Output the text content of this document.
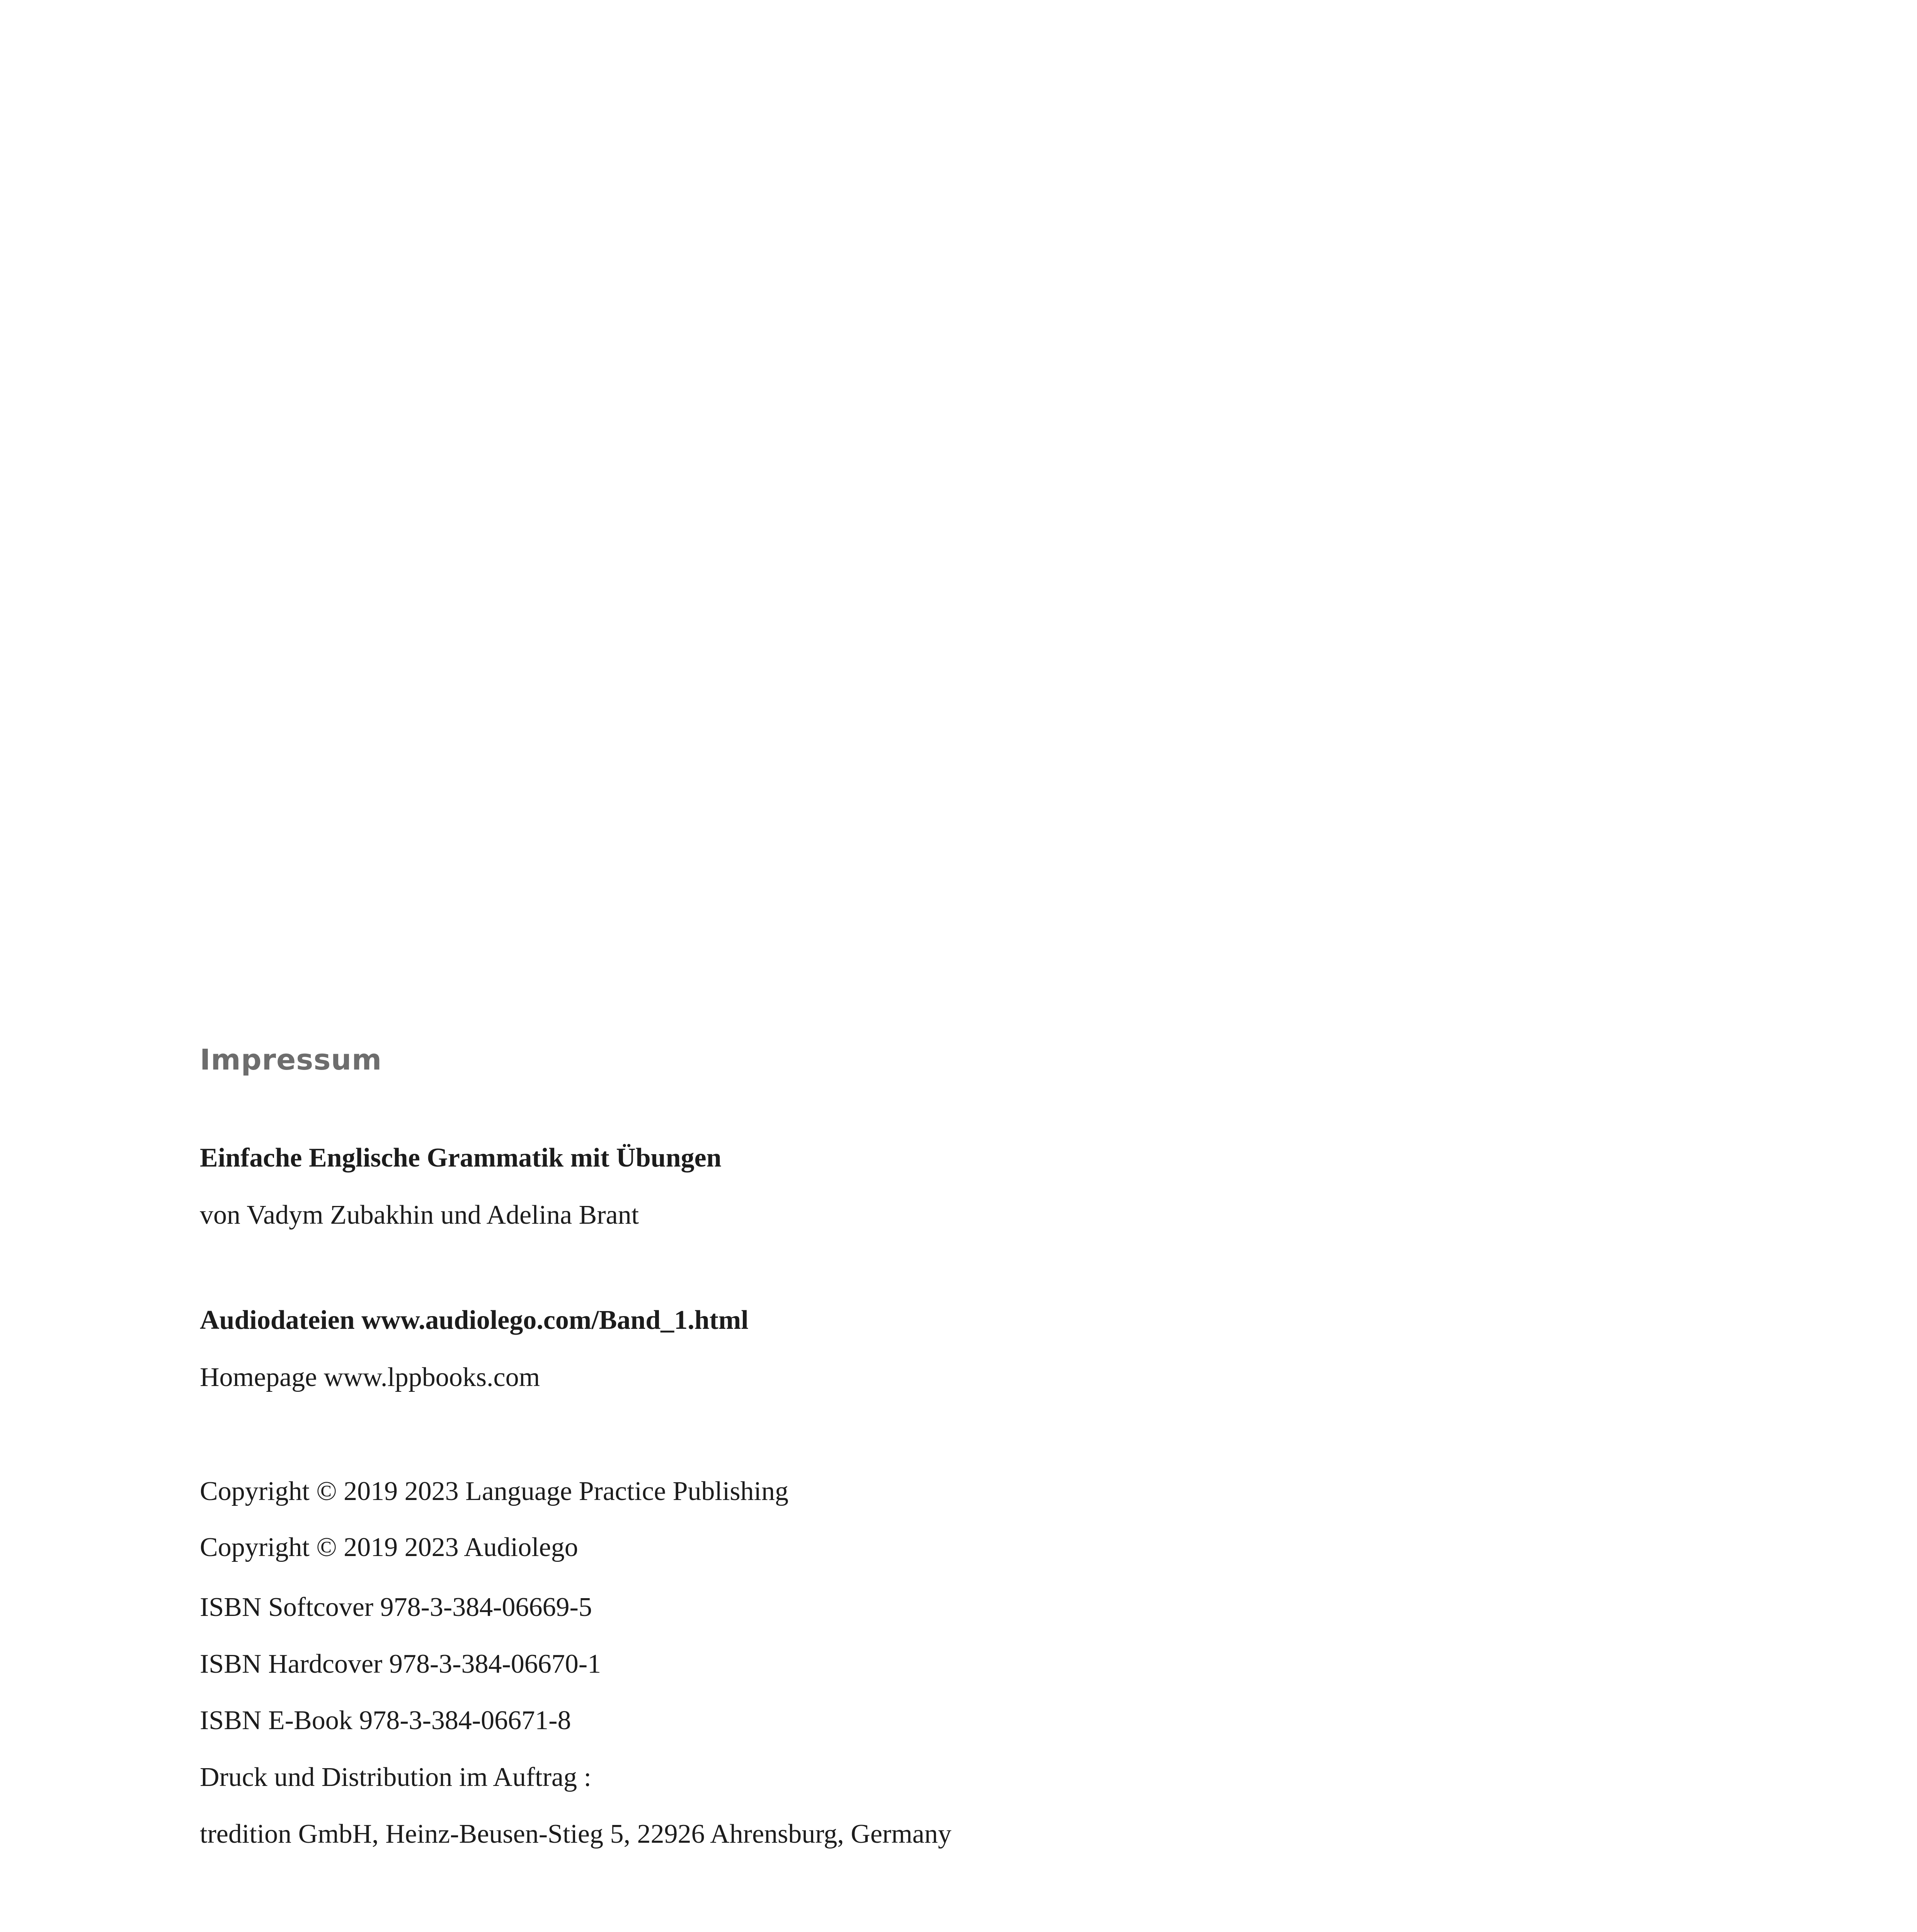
Impressum
Einfache Englische Grammatik mit Übungen
von Vadym Zubakhin und Adelina Brant
Audiodateien www.audiolego.com/Band_1.html
Homepage www.lppbooks.com
Copyright © 2019 2023 Language Practice Publishing
Copyright © 2019 2023 Audiolego
ISBN Softcover 978-3-384-06669-5
ISBN Hardcover 978-3-384-06670-1
ISBN E-Book 978-3-384-06671-8
Druck und Distribution im Auftrag :
tredition GmbH, Heinz-Beusen-Stieg 5, 22926 Ahrensburg, Germany
